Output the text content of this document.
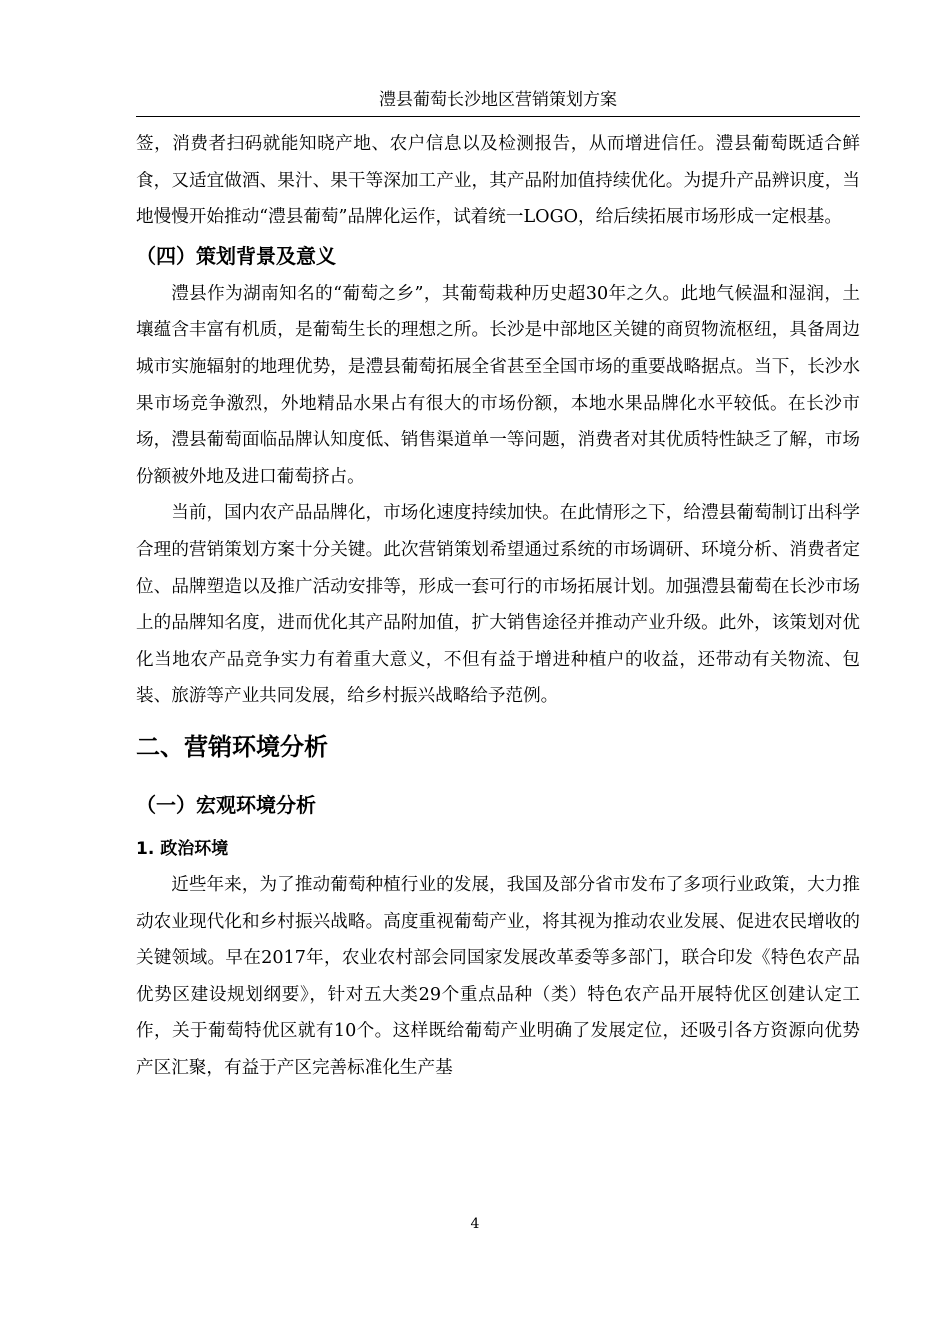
澧县葡萄长沙地区营销策划方案

签，消费者扫码就能知晓产地、农户信息以及检测报告，从而增进信任。澧县葡萄既适合鲜食，又适宜做酒、果汁、果干等深加工产业，其产品附加值持续优化。为提升产品辨识度，当地慢慢开始推动“澧县葡萄”品牌化运作，试着统一LOGO，给后续拓展市场形成一定根基。

（四）策划背景及意义

澧县作为湖南知名的“葡萄之乡”，其葡萄栽种历史超30年之久。此地气候温和湿润，土壤蕴含丰富有机质，是葡萄生长的理想之所。长沙是中部地区关键的商贸物流枢纽，具备周边城市实施辐射的地理优势，是澧县葡萄拓展全省甚至全国市场的重要战略据点。当下，长沙水果市场竞争激烈，外地精品水果占有很大的市场份额，本地水果品牌化水平较低。在长沙市场，澧县葡萄面临品牌认知度低、销售渠道单一等问题，消费者对其优质特性缺乏了解，市场份额被外地及进口葡萄挤占。

当前，国内农产品品牌化，市场化速度持续加快。在此情形之下，给澧县葡萄制订出科学合理的营销策划方案十分关键。此次营销策划希望通过系统的市场调研、环境分析、消费者定位、品牌塑造以及推广活动安排等，形成一套可行的市场拓展计划。加强澧县葡萄在长沙市场上的品牌知名度，进而优化其产品附加值，扩大销售途径并推动产业升级。此外，该策划对优化当地农产品竞争实力有着重大意义，不但有益于增进种植户的收益，还带动有关物流、包装、旅游等产业共同发展，给乡村振兴战略给予范例。

二、营销环境分析
（一）宏观环境分析
1. 政治环境

近些年来，为了推动葡萄种植行业的发展，我国及部分省市发布了多项行业政策，大力推动农业现代化和乡村振兴战略。高度重视葡萄产业，将其视为推动农业发展、促进农民增收的关键领域。早在2017年，农业农村部会同国家发展改革委等多部门，联合印发《特色农产品优势区建设规划纲要》，针对五大类29个重点品种（类）特色农产品开展特优区创建认定工作，关于葡萄特优区就有10个。这样既给葡萄产业明确了发展定位，还吸引各方资源向优势产区汇聚，有益于产区完善标准化生产基

4
